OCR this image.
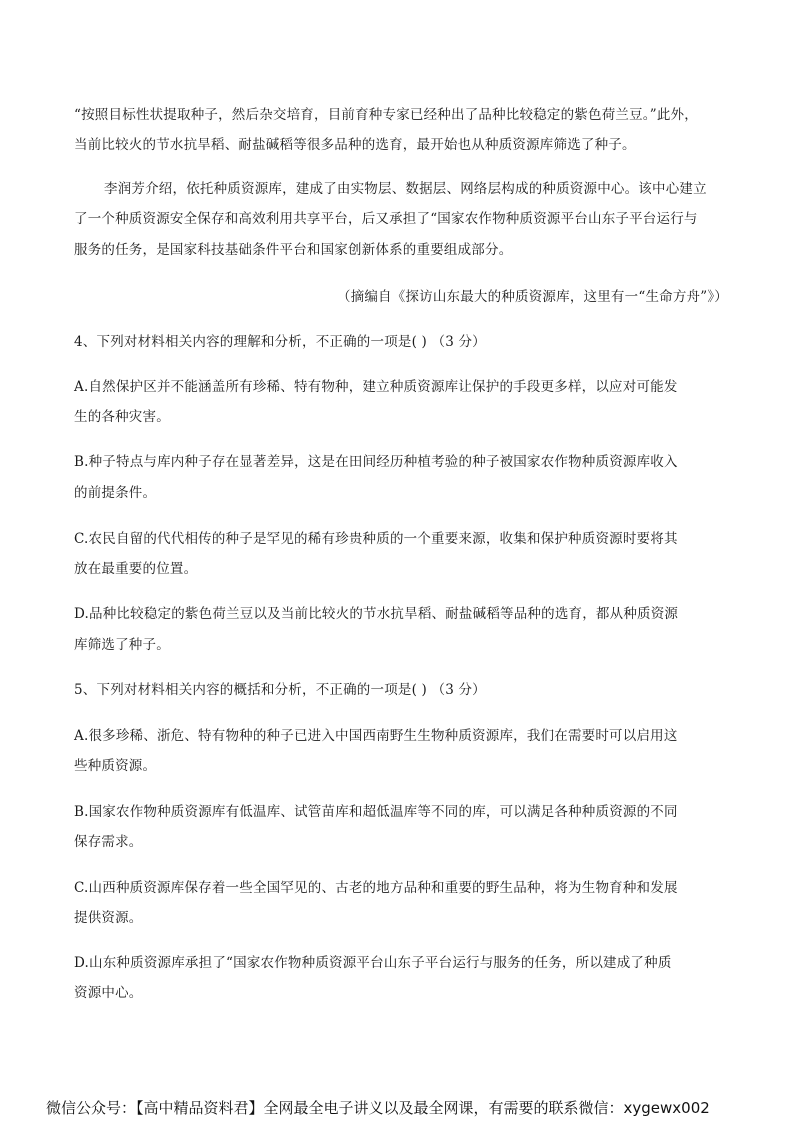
“按照目标性状提取种子，然后杂交培育，目前育种专家已经种出了品种比较稳定的紫色荷兰豆。”此外，
当前比较火的节水抗旱稻、耐盐碱稻等很多品种的选育，最开始也从种质资源库筛选了种子。
李润芳介绍，依托种质资源库，建成了由实物层、数据层、网络层构成的种质资源中心。该中心建立
了一个种质资源安全保存和高效利用共享平台，后又承担了“国家农作物种质资源平台山东子平台运行与
服务的任务，是国家科技基础条件平台和国家创新体系的重要组成部分。
（摘编自《探访山东最大的种质资源库，这里有一“生命方舟”》）
4、下列对材料相关内容的理解和分析，不正确的一项是( ) （3 分）
A.自然保护区并不能涵盖所有珍稀、特有物种，建立种质资源库让保护的手段更多样，以应对可能发
生的各种灾害。
B.种子特点与库内种子存在显著差异，这是在田间经历种植考验的种子被国家农作物种质资源库收入
的前提条件。
C.农民自留的代代相传的种子是罕见的稀有珍贵种质的一个重要来源，收集和保护种质资源时要将其
放在最重要的位置。
D.品种比较稳定的紫色荷兰豆以及当前比较火的节水抗旱稻、耐盐碱稻等品种的选育，都从种质资源
库筛选了种子。
5、下列对材料相关内容的概括和分析，不正确的一项是( ) （3 分）
A.很多珍稀、浙危、特有物种的种子已进入中国西南野生生物种质资源库，我们在需要时可以启用这
些种质资源。
B.国家农作物种质资源库有低温库、试管苗库和超低温库等不同的库，可以满足各种种质资源的不同
保存需求。
C.山西种质资源库保存着一些全国罕见的、古老的地方品种和重要的野生品种，将为生物育种和发展
提供资源。
D.山东种质资源库承担了“国家农作物种质资源平台山东子平台运行与服务的任务，所以建成了种质
资源中心。
微信公众号：【高中精品资料君】全网最全电子讲义以及最全网课，有需要的联系微信：xygewx002
